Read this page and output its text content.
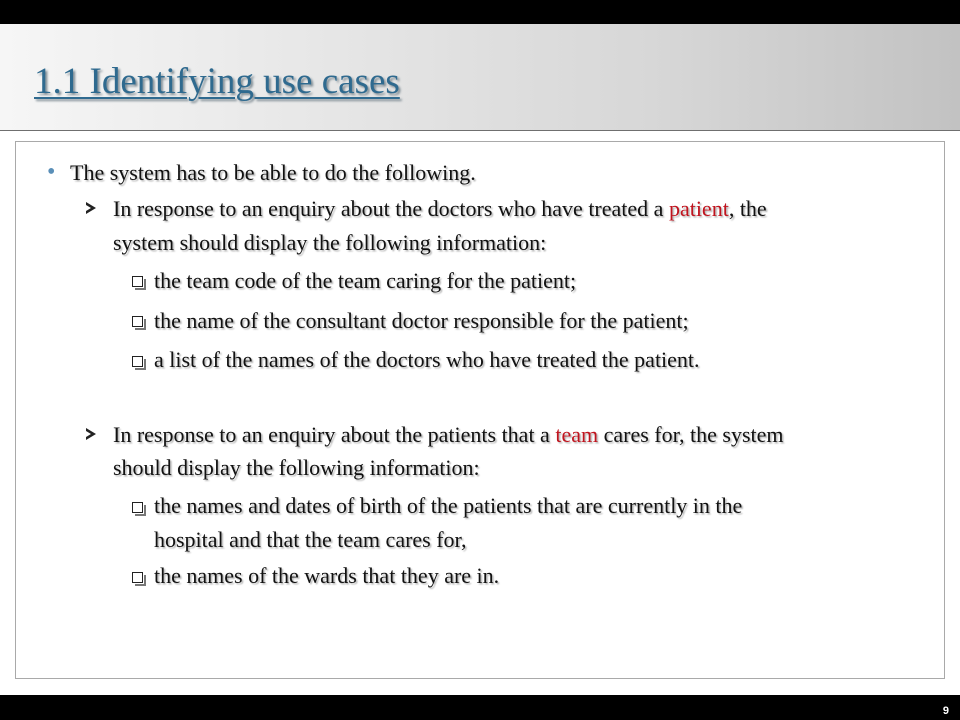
1.1 Identifying use cases
• The system has to be able to do the following.
In response to an enquiry about the doctors who have treated a patient, the
system should display the following information:
the team code of the team caring for the patient;
the name of the consultant doctor responsible for the patient;
a list of the names of the doctors who have treated the patient.
In response to an enquiry about the patients that a team cares for, the system
should display the following information:
the names and dates of birth of the patients that are currently in the
hospital and that the team cares for,
the names of the wards that they are in.
9
